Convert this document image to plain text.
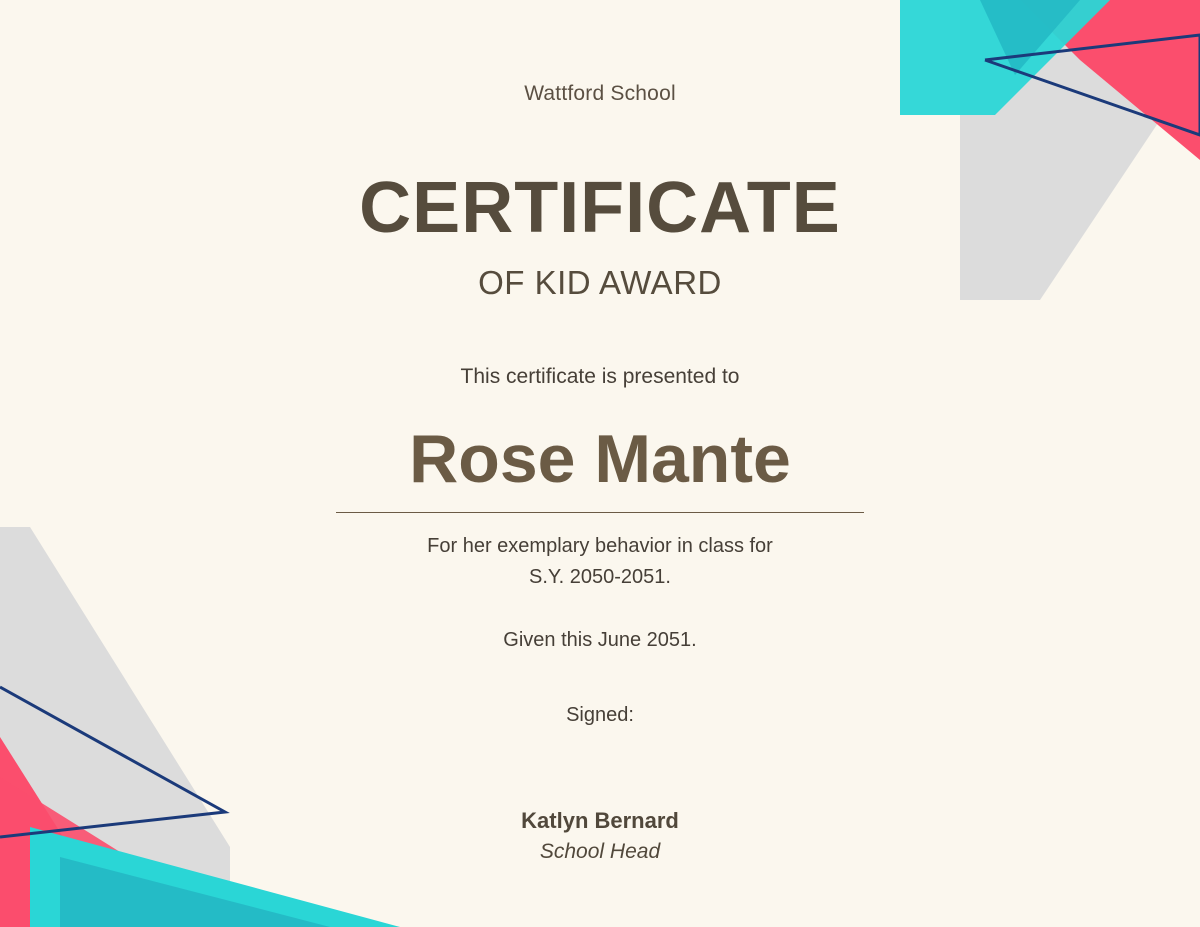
Wattford School
CERTIFICATE
OF KID AWARD
This certificate is presented to
Rose Mante
For her exemplary behavior in class for
S.Y. 2050-2051.
Given this June 2051.
Signed:
Katlyn Bernard
School Head
